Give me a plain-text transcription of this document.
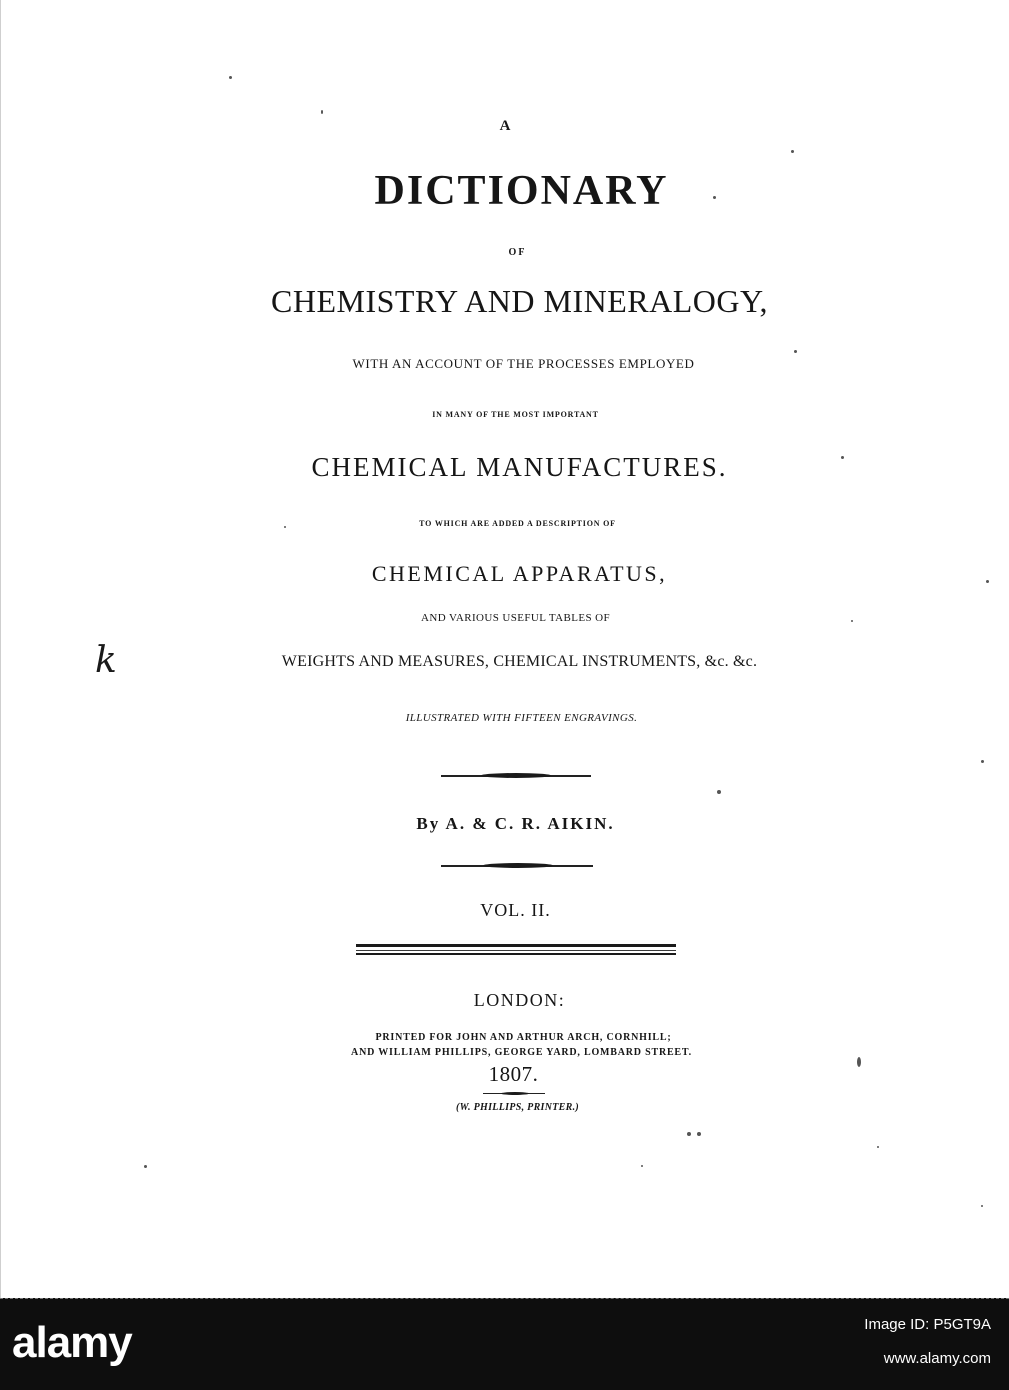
A
DICTIONARY
OF
CHEMISTRY AND MINERALOGY,
WITH AN ACCOUNT OF THE PROCESSES EMPLOYED
IN MANY OF THE MOST IMPORTANT
CHEMICAL MANUFACTURES.
TO WHICH ARE ADDED A DESCRIPTION OF
CHEMICAL APPARATUS,
AND VARIOUS USEFUL TABLES OF
WEIGHTS AND MEASURES, CHEMICAL INSTRUMENTS, &c. &c.
ILLUSTRATED WITH FIFTEEN ENGRAVINGS.
By A. & C. R. AIKIN.
VOL. II.
LONDON:
PRINTED FOR JOHN AND ARTHUR ARCH, CORNHILL;
AND WILLIAM PHILLIPS, GEORGE YARD, LOMBARD STREET.
1807.
(W. PHILLIPS, PRINTER.)
k
alamy	Image ID: P5GT9A
www.alamy.com
